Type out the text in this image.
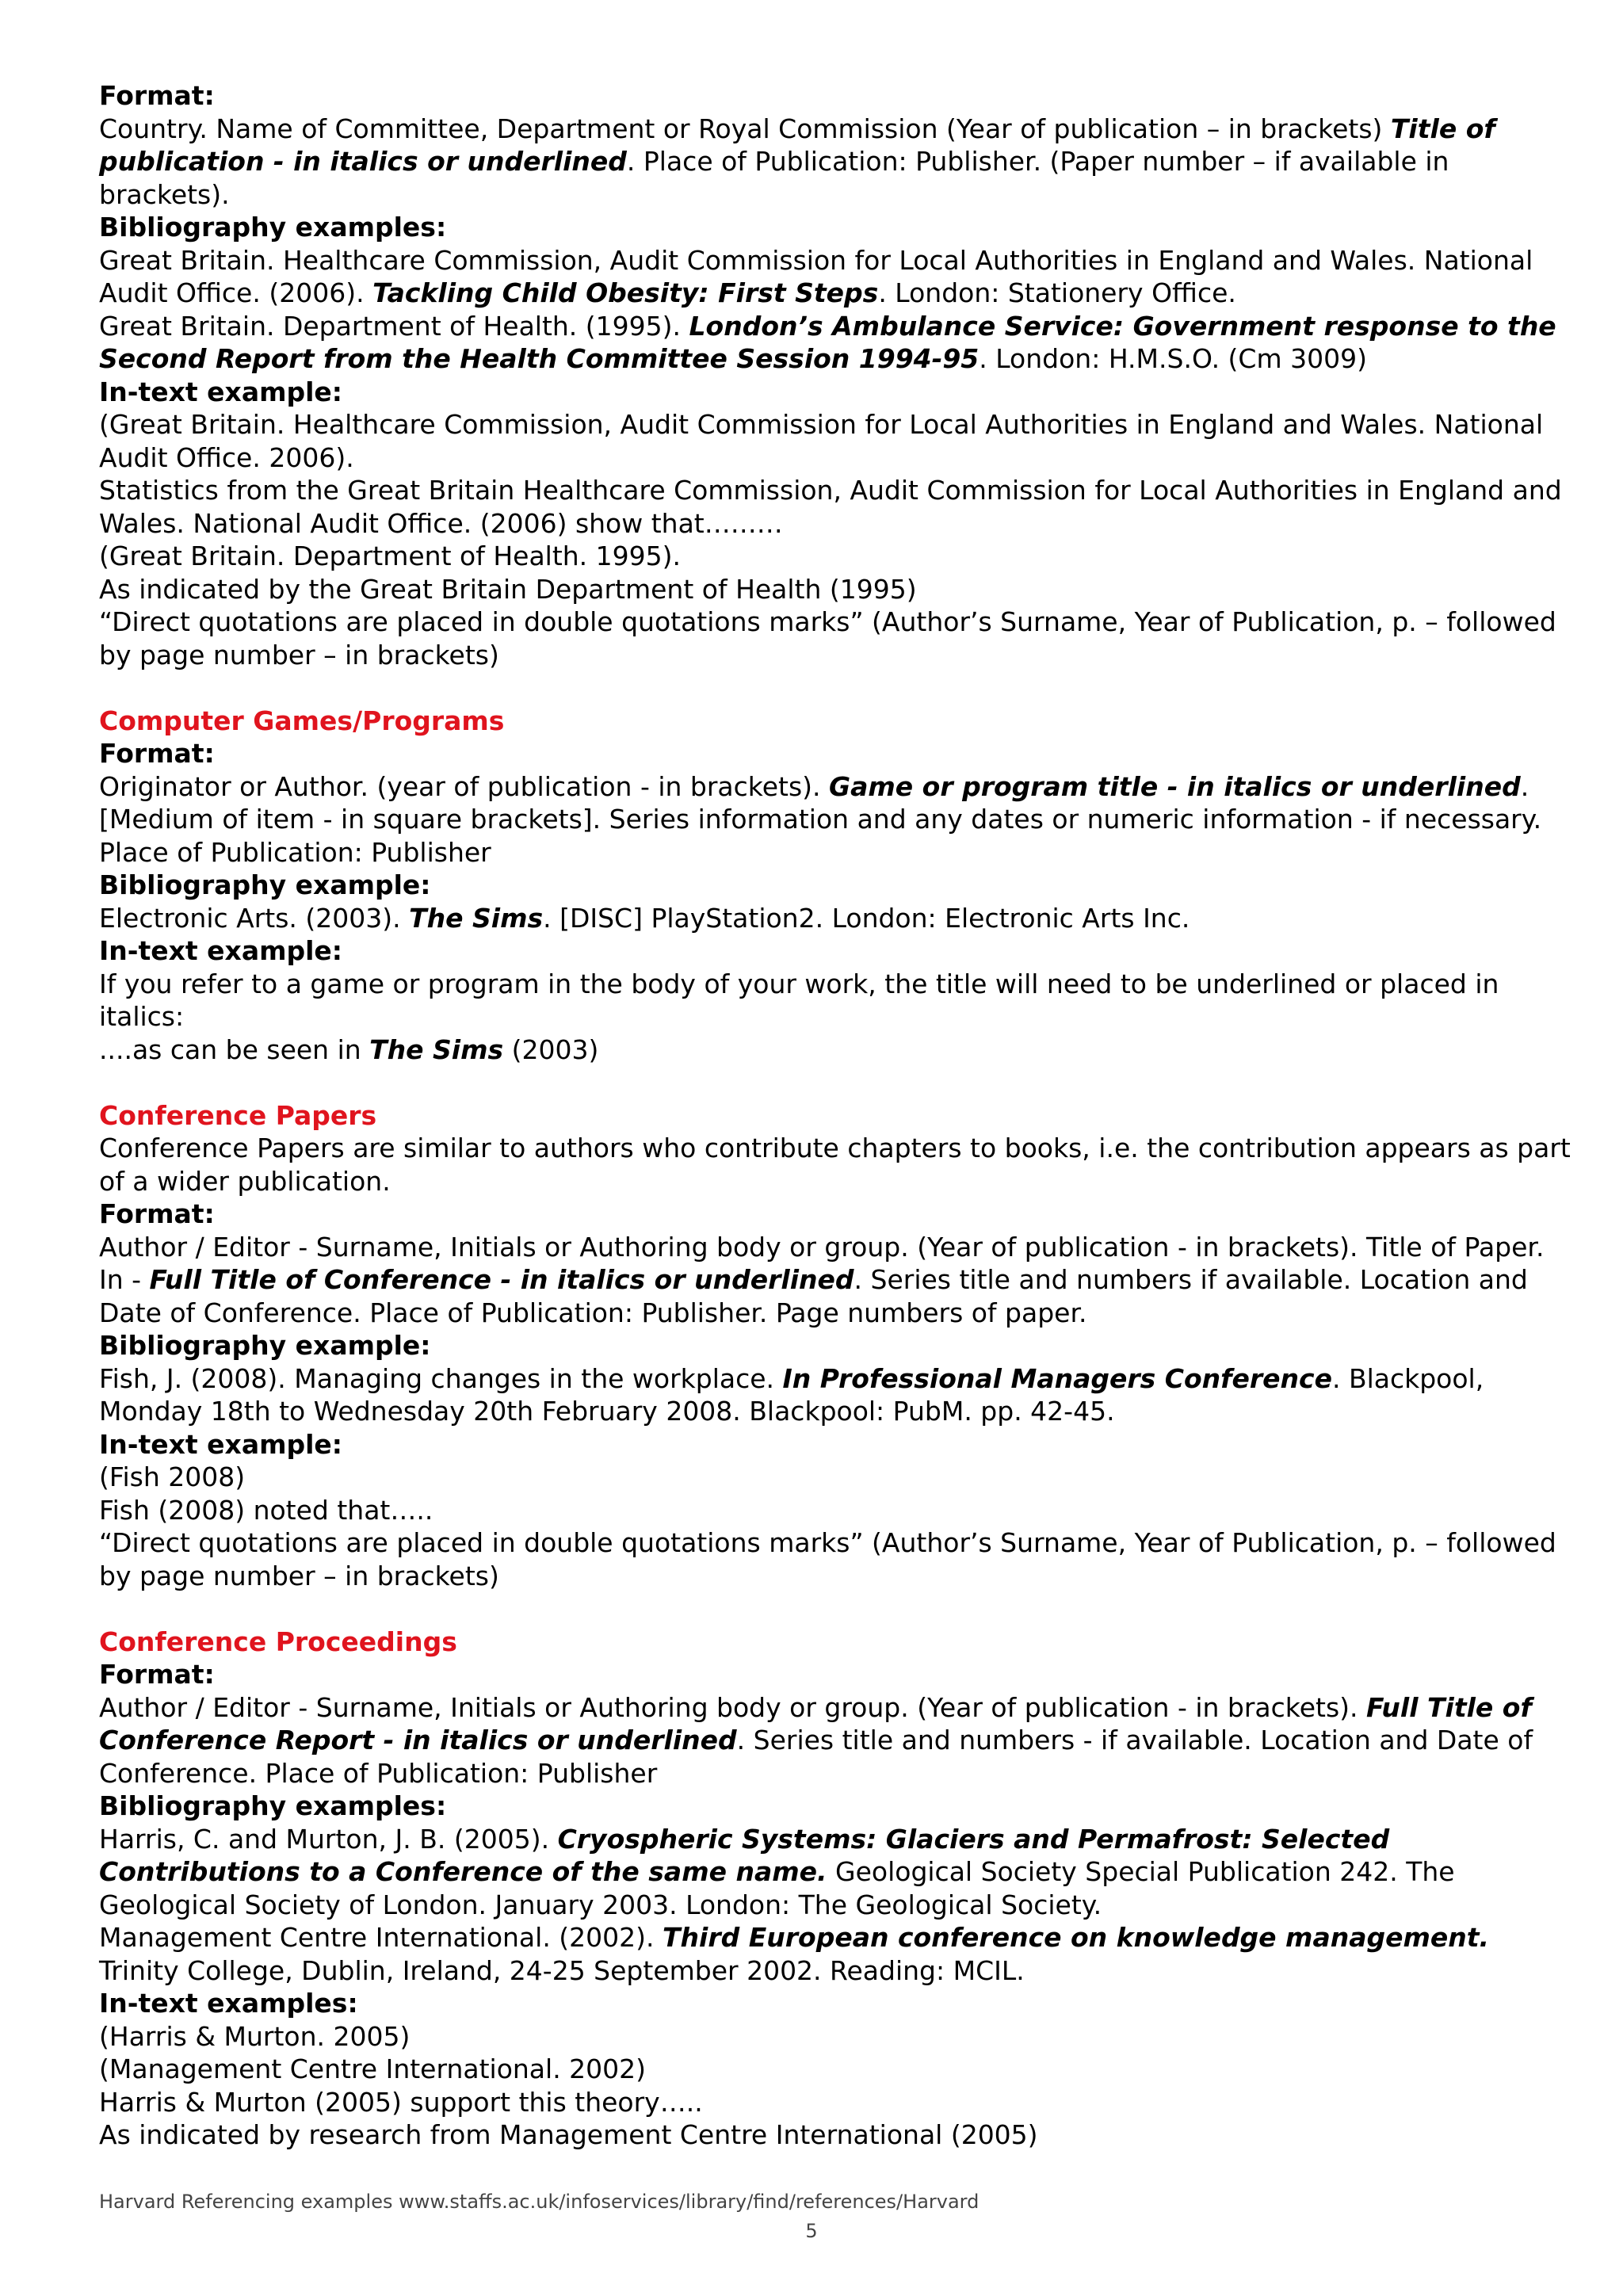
Format:

Country. Name of Committee, Department or Royal Commission (Year of publication – in brackets) Title of publication - in italics or underlined. Place of Publication: Publisher. (Paper number – if available in brackets).

Bibliography examples:

Great Britain. Healthcare Commission, Audit Commission for Local Authorities in England and Wales. National Audit Office. (2006). Tackling Child Obesity: First Steps. London: Stationery Office.

Great Britain. Department of Health. (1995). London’s Ambulance Service: Government response to the Second Report from the Health Committee Session 1994-95. London: H.M.S.O. (Cm 3009)

In-text example:

(Great Britain. Healthcare Commission, Audit Commission for Local Authorities in England and Wales. National Audit Office. 2006).

Statistics from the Great Britain Healthcare Commission, Audit Commission for Local Authorities in England and Wales. National Audit Office. (2006) show that………

(Great Britain. Department of Health. 1995).

As indicated by the Great Britain Department of Health (1995)

“Direct quotations are placed in double quotations marks” (Author’s Surname, Year of Publication, p. – followed by page number – in brackets)

Computer Games/Programs

Format:

Originator or Author. (year of publication - in brackets). Game or program title - in italics or underlined. [Medium of item - in square brackets]. Series information and any dates or numeric information - if necessary. Place of Publication: Publisher

Bibliography example:

Electronic Arts. (2003). The Sims. [DISC] PlayStation2. London: Electronic Arts Inc.

In-text example:

If you refer to a game or program in the body of your work, the title will need to be underlined or placed in italics:

....as can be seen in The Sims (2003)

Conference Papers

Conference Papers are similar to authors who contribute chapters to books, i.e. the contribution appears as part of a wider publication.

Format:

Author / Editor - Surname, Initials or Authoring body or group. (Year of publication - in brackets). Title of Paper. In - Full Title of Conference - in italics or underlined. Series title and numbers if available. Location and Date of Conference. Place of Publication: Publisher. Page numbers of paper.

Bibliography example:

Fish, J. (2008). Managing changes in the workplace. In Professional Managers Conference. Blackpool, Monday 18th to Wednesday 20th February 2008. Blackpool: PubM. pp. 42-45.

In-text example:

(Fish 2008)

Fish (2008) noted that…..

“Direct quotations are placed in double quotations marks” (Author’s Surname, Year of Publication, p. – followed by page number – in brackets)

Conference Proceedings

Format:

Author / Editor - Surname, Initials or Authoring body or group. (Year of publication - in brackets). Full Title of Conference Report - in italics or underlined. Series title and numbers - if available. Location and Date of Conference. Place of Publication: Publisher

Bibliography examples:

Harris, C. and Murton, J. B. (2005). Cryospheric Systems: Glaciers and Permafrost: Selected Contributions to a Conference of the same name. Geological Society Special Publication 242. The Geological Society of London. January 2003. London: The Geological Society.

Management Centre International. (2002). Third European conference on knowledge management. Trinity College, Dublin, Ireland, 24-25 September 2002. Reading: MCIL.

In-text examples:

(Harris & Murton. 2005)

(Management Centre International. 2002)

Harris & Murton (2005) support this theory…..

As indicated by research from Management Centre International (2005)

Harvard Referencing examples www.staffs.ac.uk/infoservices/library/find/references/Harvard
5
